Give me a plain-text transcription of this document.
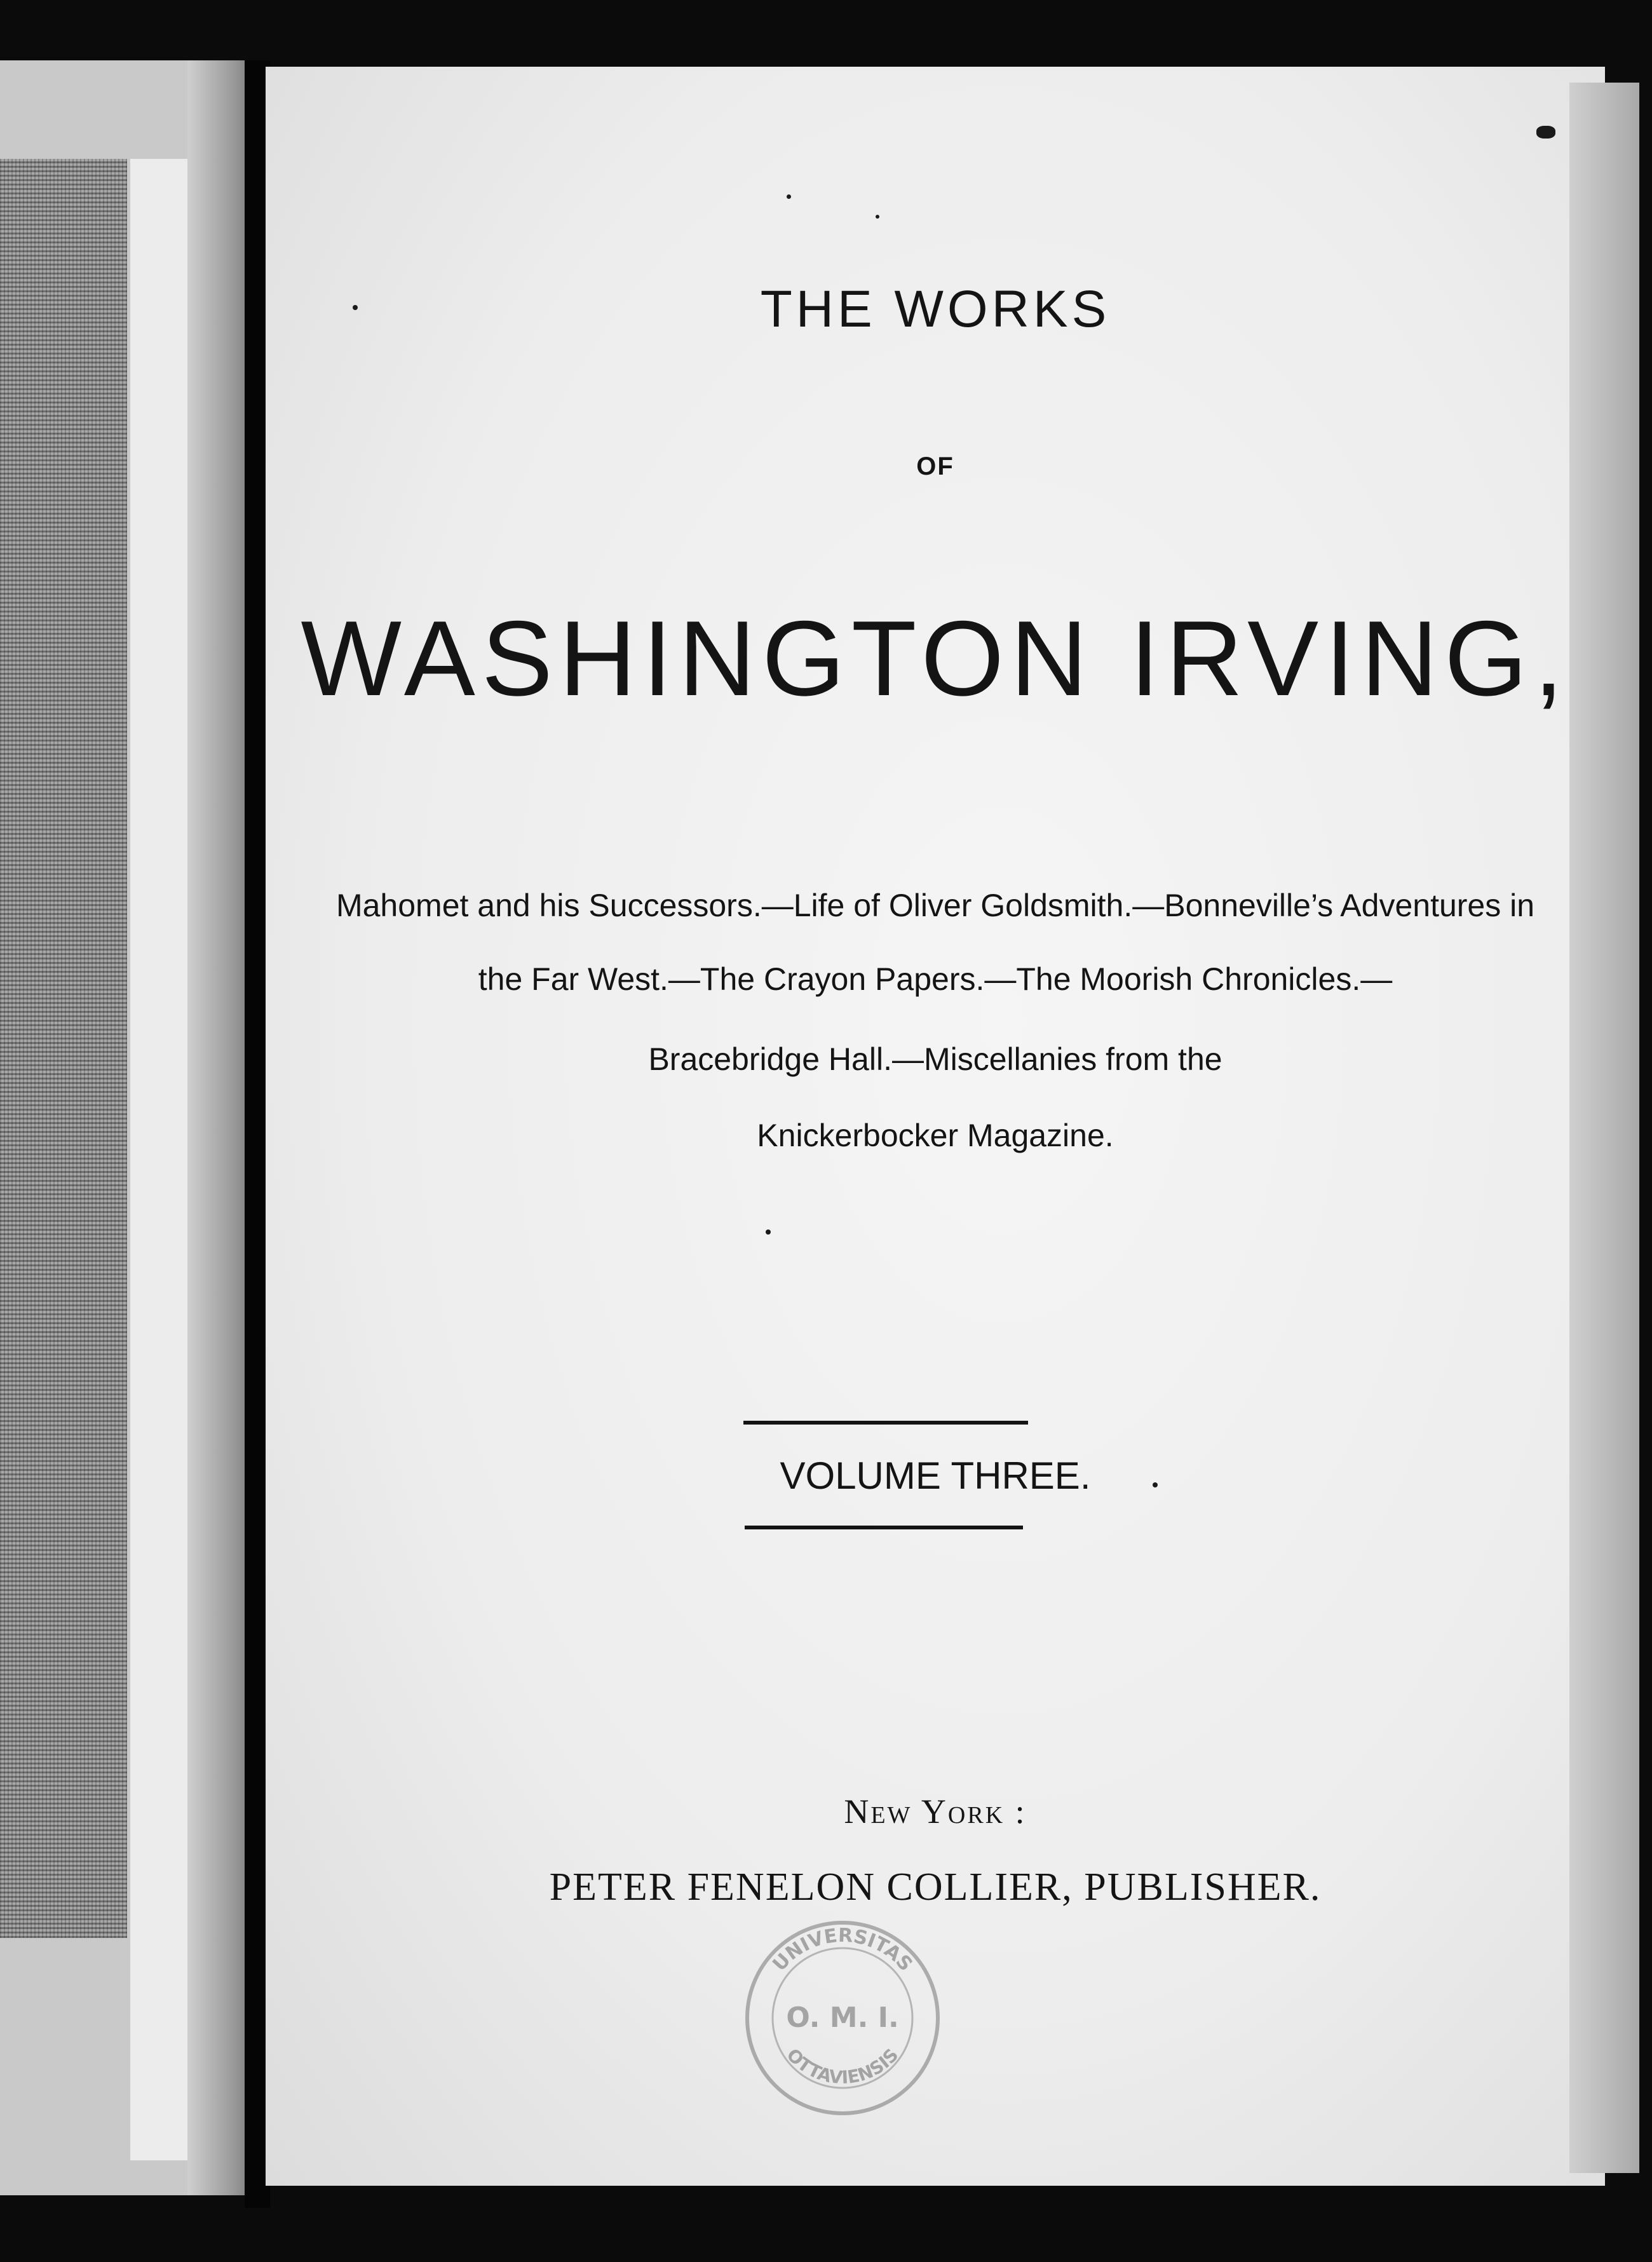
THE WORKS
OF
WASHINGTON IRVING,
Mahomet and his Successors.—Life of Oliver Goldsmith.—Bonneville’s Adventures in
the Far West.—The Crayon Papers.—The Moorish Chronicles.—
Bracebridge Hall.—Miscellanies from the
Knickerbocker Magazine.
VOLUME THREE.
New York :
PETER FENELON COLLIER, PUBLISHER.
UNIVERSITAS
O. M. I.
OTTAVIENSIS
